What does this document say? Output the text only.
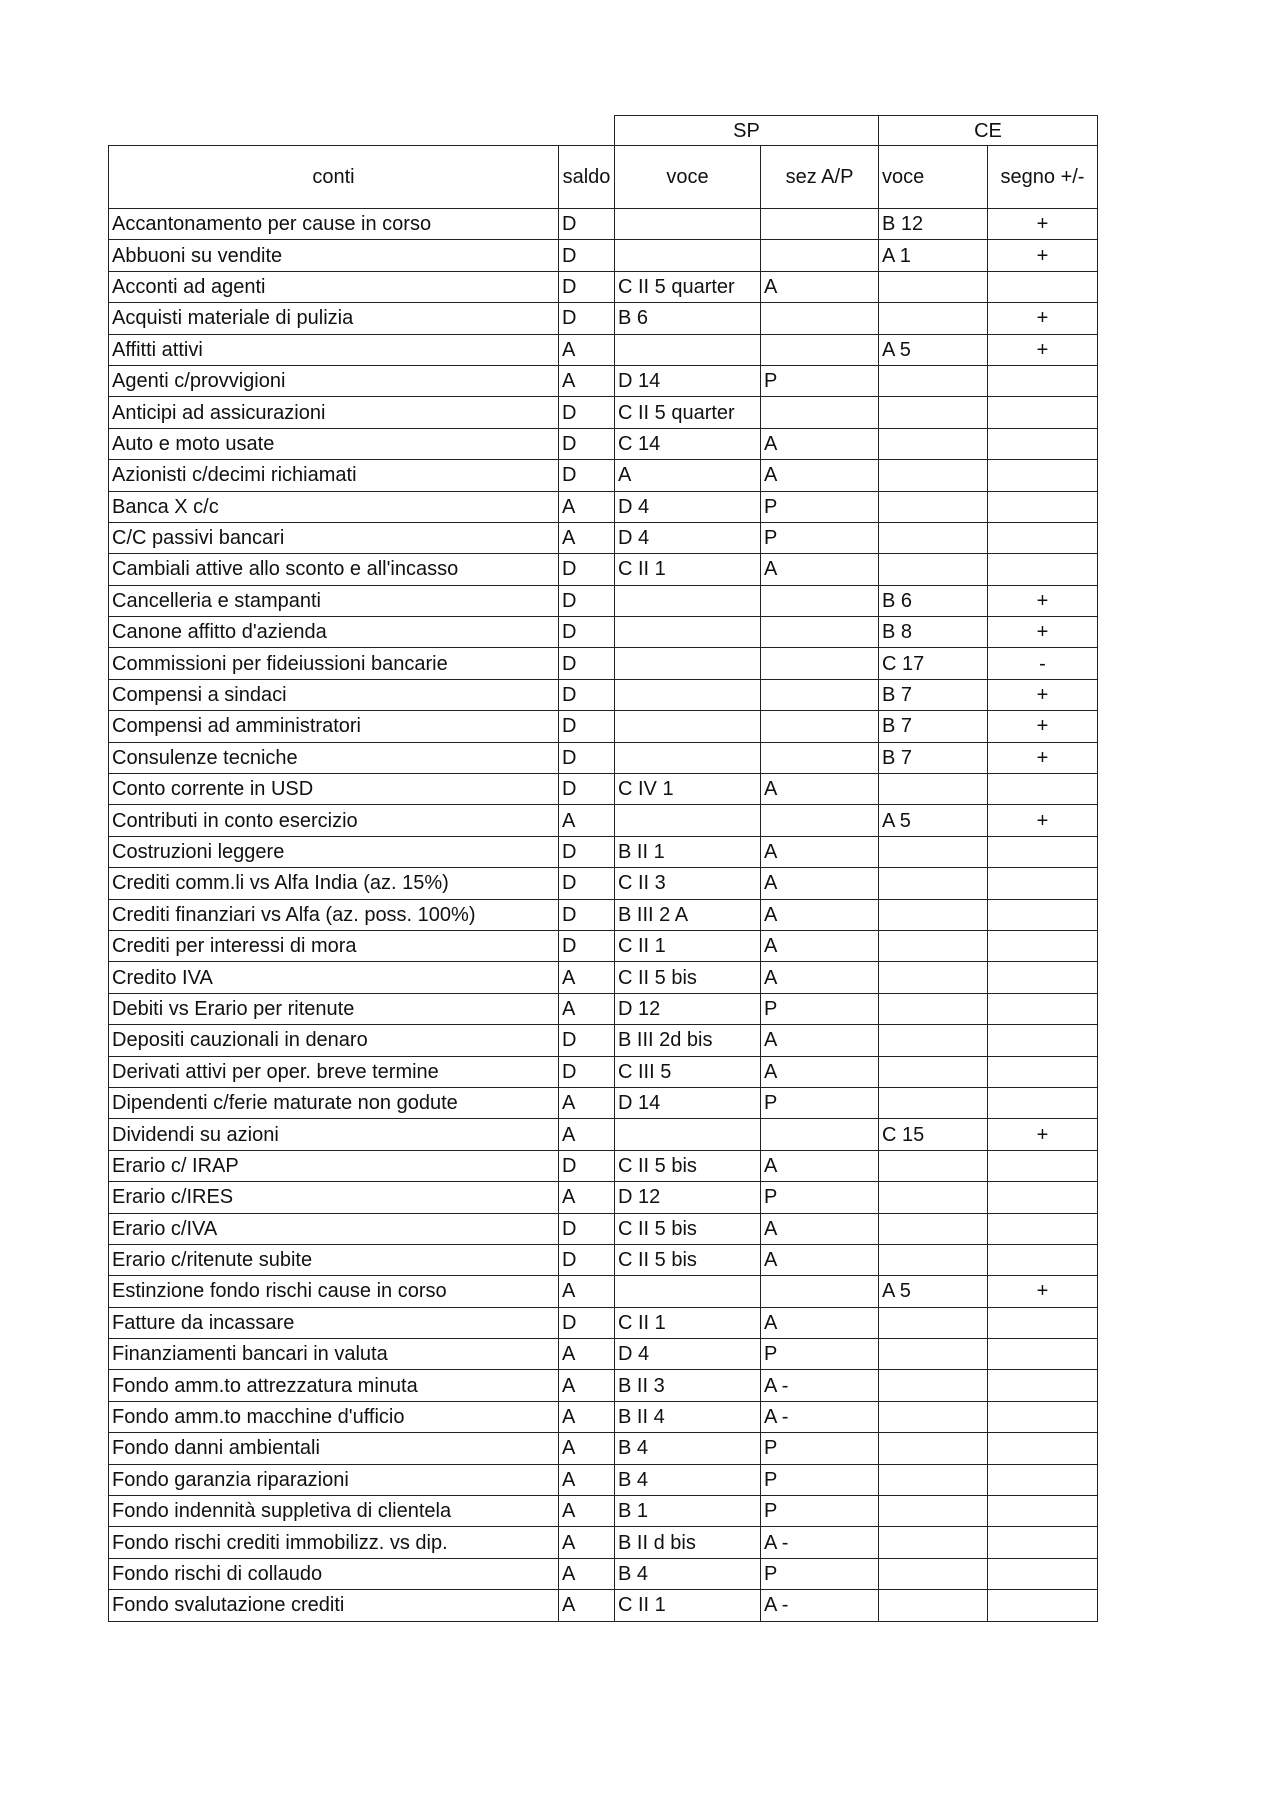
		SP		CE	
conti	saldo	voce	sez A/P	voce	segno +/-
Accantonamento per cause in corso	D			B 12	+
Abbuoni su vendite	D			A 1	+
Acconti ad agenti	D	C II 5 quarter	A		
Acquisti materiale di pulizia	D	B 6			+
Affitti attivi	A			A 5	+
Agenti c/provvigioni	A	D 14	P		
Anticipi ad assicurazioni	D	C II 5 quarter			
Auto e moto usate	D	C 14	A		
Azionisti c/decimi richiamati	D	A	A		
Banca X c/c	A	D 4	P		
C/C passivi bancari	A	D 4	P		
Cambiali attive allo sconto e all'incasso	D	C II 1	A		
Cancelleria e stampanti	D			B 6	+
Canone affitto d'azienda	D			B 8	+
Commissioni per fideiussioni bancarie	D			C 17	-
Compensi a sindaci	D			B 7	+
Compensi ad amministratori	D			B 7	+
Consulenze tecniche	D			B 7	+
Conto corrente in USD	D	C IV 1	A		
Contributi in conto esercizio	A			A 5	+
Costruzioni leggere	D	B II 1	A		
Crediti comm.li vs Alfa India (az. 15%)	D	C II 3	A		
Crediti finanziari vs Alfa (az. poss. 100%)	D	B III 2 A	A		
Crediti per interessi di mora	D	C II 1	A		
Credito IVA	A	C II 5 bis	A		
Debiti vs Erario per ritenute	A	D 12	P		
Depositi cauzionali in denaro	D	B III 2d bis	A		
Derivati attivi per oper. breve termine	D	C III 5	A		
Dipendenti c/ferie maturate non godute	A	D 14	P		
Dividendi su azioni	A			C 15	+
Erario c/ IRAP	D	C II 5 bis	A		
Erario c/IRES	A	D 12	P		
Erario c/IVA	D	C II 5 bis	A		
Erario c/ritenute subite	D	C II 5 bis	A		
Estinzione fondo rischi cause in corso	A			A 5	+
Fatture da incassare	D	C II 1	A		
Finanziamenti bancari in valuta	A	D 4	P		
Fondo amm.to attrezzatura minuta	A	B II 3	A -		
Fondo amm.to macchine d'ufficio	A	B II 4	A -		
Fondo danni ambientali	A	B 4	P		
Fondo garanzia riparazioni	A	B 4	P		
Fondo indennità suppletiva di clientela	A	B 1	P		
Fondo rischi crediti immobilizz. vs dip.	A	B II d bis	A -		
Fondo rischi di collaudo	A	B 4	P		
Fondo svalutazione crediti	A	C II 1	A -		
